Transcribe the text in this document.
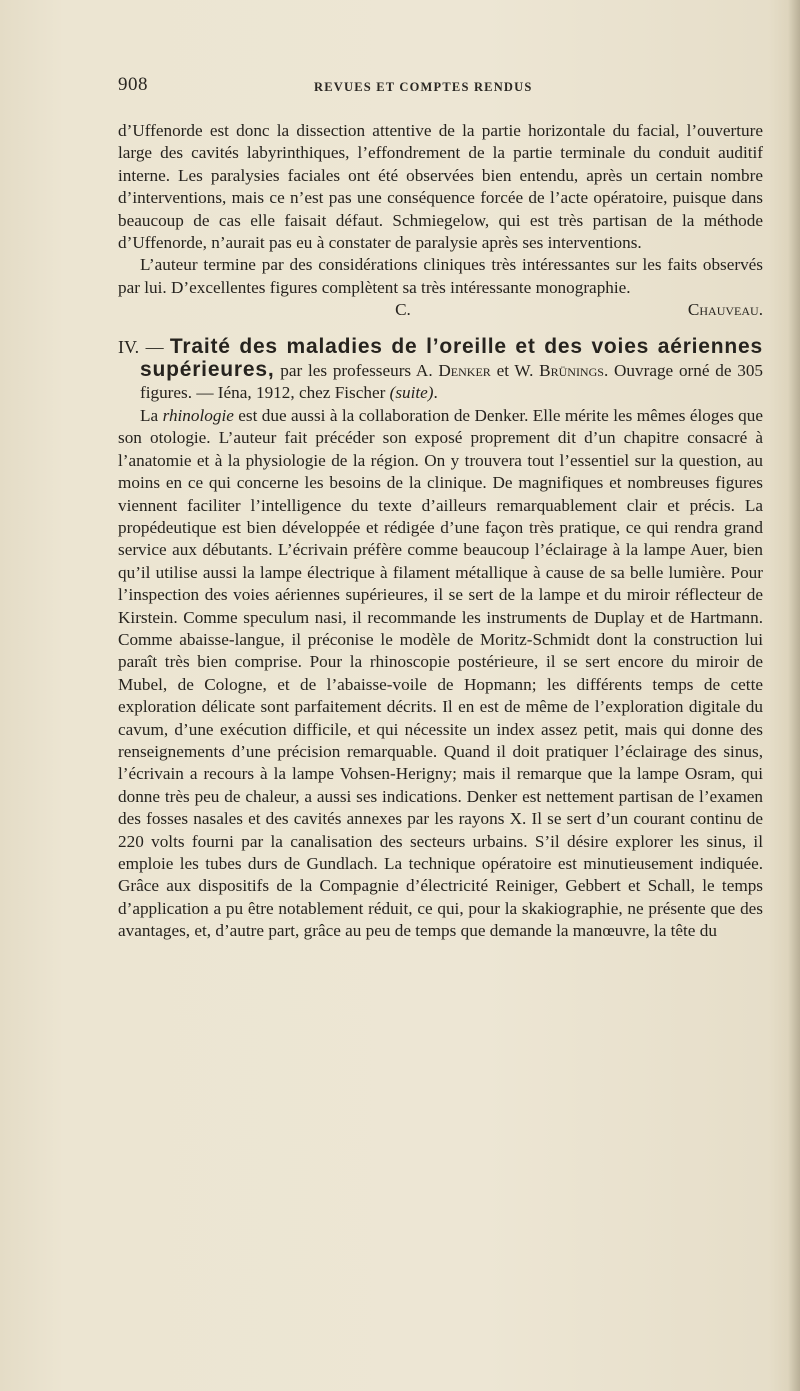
908	REVUES ET COMPTES RENDUS

d’Uffenorde est donc la dissection attentive de la partie horizontale du facial, l’ouverture large des cavités labyrinthiques, l’effondrement de la partie terminale du conduit auditif interne. Les paralysies faciales ont été observées bien entendu, après un certain nombre d’interventions, mais ce n’est pas une conséquence forcée de l’acte opératoire, puisque dans beaucoup de cas elle faisait défaut. Schmiegelow, qui est très partisan de la méthode d’Uffenorde, n’aurait pas eu à constater de paralysie après ses interventions.

L’auteur termine par des considérations cliniques très intéressantes sur les faits observés par lui. D’excellentes figures complètent sa très intéressante monographie.

C. Chauveau.

IV. — Traité des maladies de l’oreille et des voies aériennes supérieures, par les professeurs A. Denker et W. Brünings. Ouvrage orné de 305 figures. — Iéna, 1912, chez Fischer (suite).

La rhinologie est due aussi à la collaboration de Denker. Elle mérite les mêmes éloges que son otologie. L’auteur fait précéder son exposé proprement dit d’un chapitre consacré à l’anatomie et à la physiologie de la région. On y trouvera tout l’essentiel sur la question, au moins en ce qui concerne les besoins de la clinique. De magnifiques et nombreuses figures viennent faciliter l’intelligence du texte d’ailleurs remarquablement clair et précis. La propédeutique est bien développée et rédigée d’une façon très pratique, ce qui rendra grand service aux débutants. L’écrivain préfère comme beaucoup l’éclairage à la lampe Auer, bien qu’il utilise aussi la lampe électrique à filament métallique à cause de sa belle lumière. Pour l’inspection des voies aériennes supérieures, il se sert de la lampe et du miroir réflecteur de Kirstein. Comme speculum nasi, il recommande les instruments de Duplay et de Hartmann. Comme abaisse-langue, il préconise le modèle de Moritz-Schmidt dont la construction lui paraît très bien comprise. Pour la rhinoscopie postérieure, il se sert encore du miroir de Mubel, de Cologne, et de l’abaisse-voile de Hopmann; les différents temps de cette exploration délicate sont parfaitement décrits. Il en est de même de l’exploration digitale du cavum, d’une exécution difficile, et qui nécessite un index assez petit, mais qui donne des renseignements d’une précision remarquable. Quand il doit pratiquer l’éclairage des sinus, l’écrivain a recours à la lampe Vohsen-Herigny; mais il remarque que la lampe Osram, qui donne très peu de chaleur, a aussi ses indications. Denker est nettement partisan de l’examen des fosses nasales et des cavités annexes par les rayons X. Il se sert d’un courant continu de 220 volts fourni par la canalisation des secteurs urbains. S’il désire explorer les sinus, il emploie les tubes durs de Gundlach. La technique opératoire est minutieusement indiquée. Grâce aux dispositifs de la Compagnie d’électricité Reiniger, Gebbert et Schall, le temps d’application a pu être notablement réduit, ce qui, pour la skakiographie, ne présente que des avantages, et, d’autre part, grâce au peu de temps que demande la manœuvre, la tête du
